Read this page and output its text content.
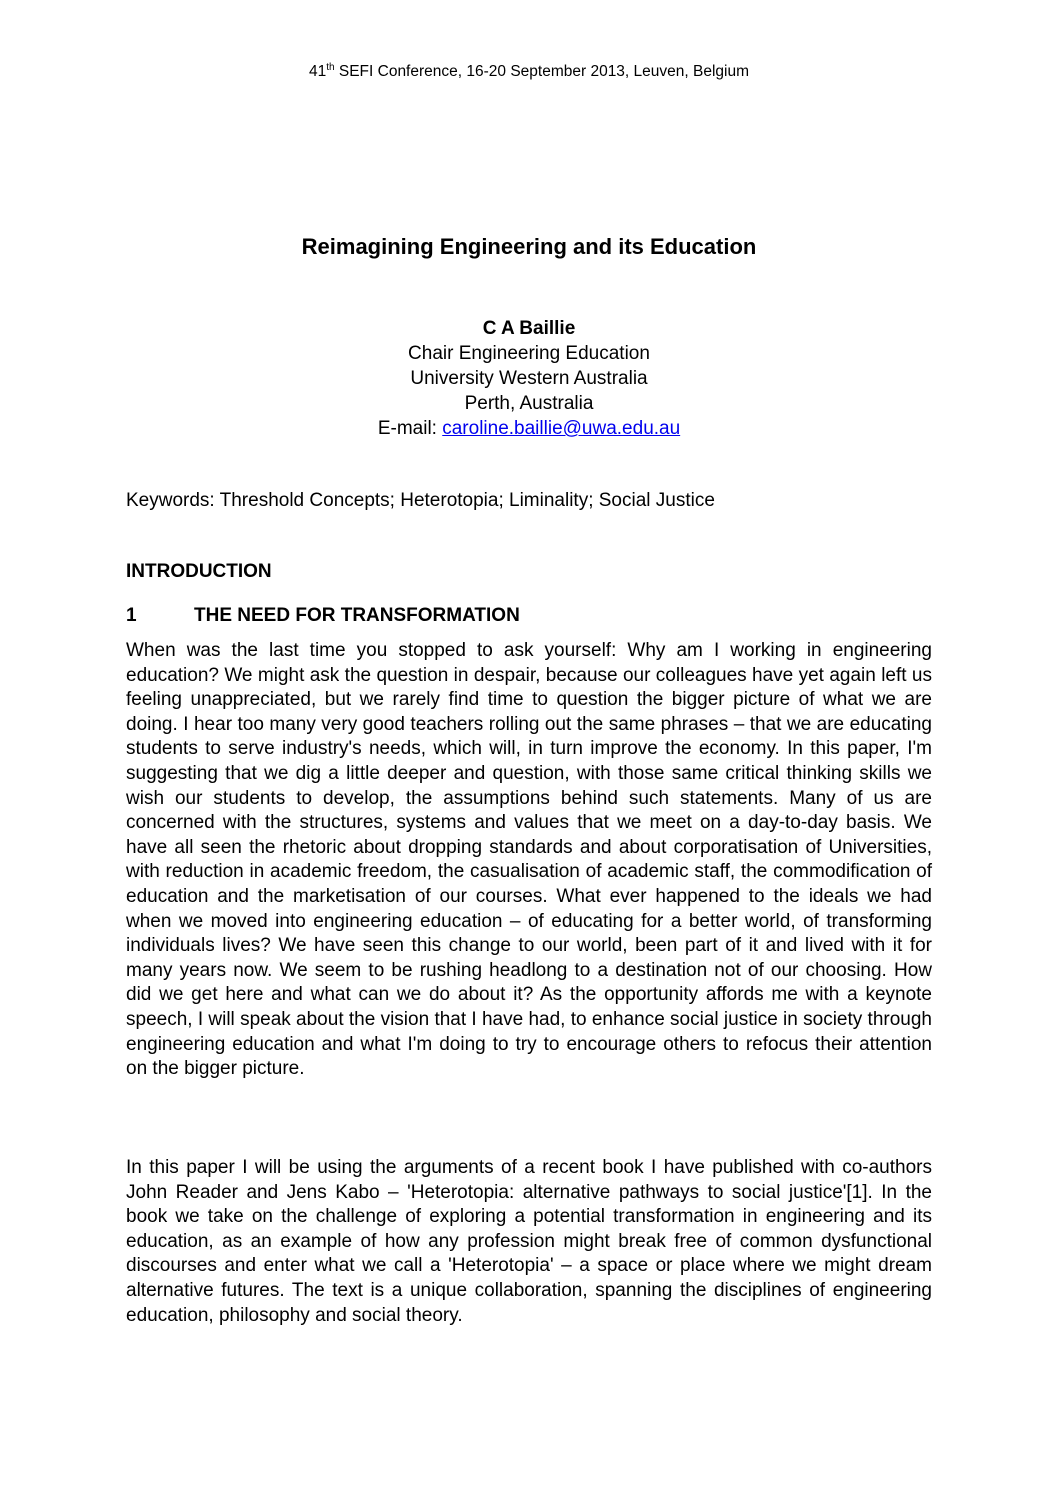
41th SEFI Conference, 16-20 September 2013, Leuven, Belgium
Reimagining Engineering and its Education
C A Baillie
Chair Engineering Education
University Western Australia
Perth, Australia
E-mail: caroline.baillie@uwa.edu.au
Keywords: Threshold Concepts; Heterotopia; Liminality; Social Justice
INTRODUCTION
1	THE NEED FOR TRANSFORMATION

When was the last time you stopped to ask yourself: Why am I working in engineering education? We might ask the question in despair, because our colleagues have yet again left us feeling unappreciated, but we rarely find time to question the bigger picture of what we are doing. I hear too many very good teachers rolling out the same phrases – that we are educating students to serve industry's needs, which will, in turn improve the economy. In this paper, I'm suggesting that we dig a little deeper and question, with those same critical thinking skills we wish our students to develop, the assumptions behind such statements. Many of us are concerned with the structures, systems and values that we meet on a day-to-day basis. We have all seen the rhetoric about dropping standards and about corporatisation of Universities, with reduction in academic freedom, the casualisation of academic staff, the commodification of education and the marketisation of our courses. What ever happened to the ideals we had when we moved into engineering education – of educating for a better world, of transforming individuals lives? We have seen this change to our world, been part of it and lived with it for many years now. We seem to be rushing headlong to a destination not of our choosing. How did we get here and what can we do about it? As the opportunity affords me with a keynote speech, I will speak about the vision that I have had, to enhance social justice in society through engineering education and what I'm doing to try to encourage others to refocus their attention on the bigger picture.

In this paper I will be using the arguments of a recent book I have published with co-authors John Reader and Jens Kabo – 'Heterotopia: alternative pathways to social justice'[1]. In the book we take on the challenge of exploring a potential transformation in engineering and its education, as an example of how any profession might break free of common dysfunctional discourses and enter what we call a 'Heterotopia' – a space or place where we might dream alternative futures. The text is a unique collaboration, spanning the disciplines of engineering education, philosophy and social theory.
